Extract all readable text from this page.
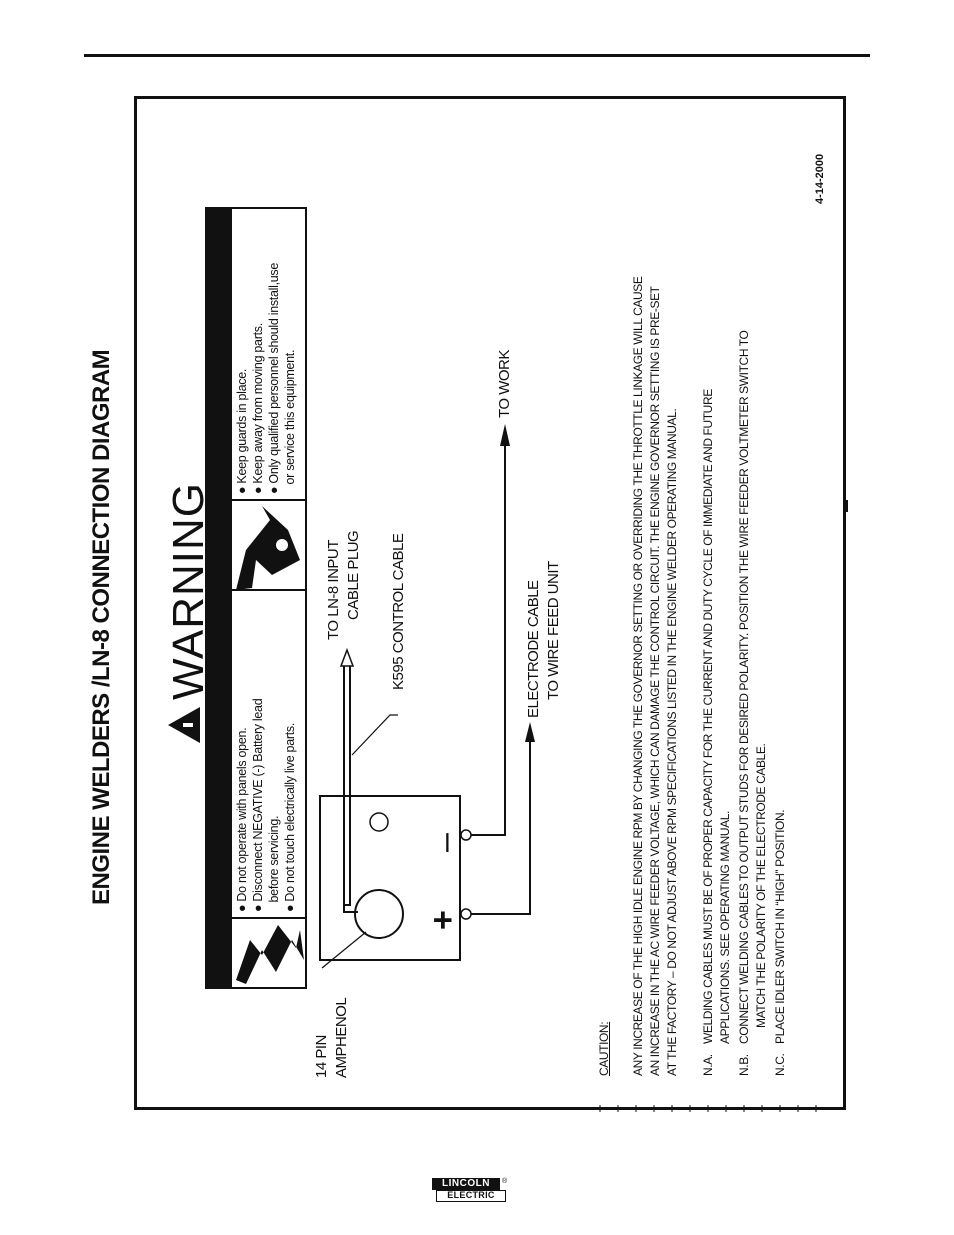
ENGINE WELDERS /LN-8 CONNECTION DIAGRAM WARNING
● Do not operate with panels open.
● Disconnect NEGATIVE (-) Battery lead before servicing.
● Do not touch electrically live parts.
● Keep guards in place.
● Keep away from moving parts.
● Only qualified personnel should install,use or service this equipment.
14 PIN AMPHENOL
TO LN-8 INPUT CABLE PLUG K595 CONTROL CABLE	ELECTRODE CABLE TO WIRE FEED UNIT
TO WORK
+
–
CAUTION: ANY INCREASE OF THE HIGH IDLE ENGINE RPM BY CHANGING THE GOVERNOR SETTING OR OVERRIDING THE THROTTLE LINKAGE WILL CAUSE AN INCREASE IN THE AC WIRE FEEDER VOLTAGE, WHICH CAN DAMAGE THE CONTROL CIRCUIT. THE ENGINE GOVERNOR SETTING IS PRE-SET AT THE FACTORY – DO NOT ADJUST ABOVE RPM SPECIFICATIONS LISTED IN THE ENGINE WELDER OPERATING MANUAL. N.A.WELDING CABLES MUST BE OF PROPER CAPACITY FOR THE CURRENT AND DUTY CYCLE OF IMMEDIATE AND FUTURE APPLICATIONS. SEE OPERATING MANUAL.
N.B.CONNECT WELDING CABLES TO OUTPUT STUDS FOR DESIRED POLARITY. POSITION THE WIRE FEEDER VOLTMETER SWITCH TO MATCH THE POLARITY OF THE ELECTRODE CABLE.
N.C.PLACE IDLER SWITCH IN “HIGH” POSITION.
4-14-2000
LINCOLN
ELECTRIC
®
